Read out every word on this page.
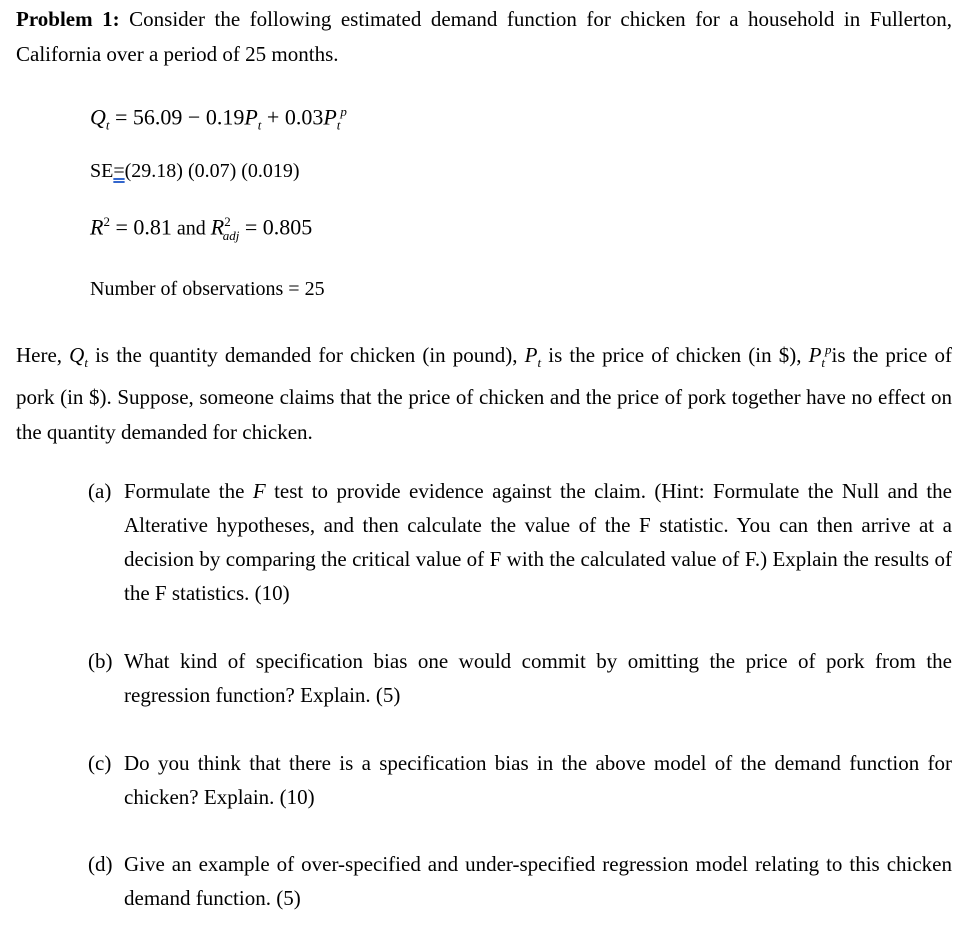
Problem 1: Consider the following estimated demand function for chicken for a household in Fullerton, California over a period of 25 months.
$Q_t = 56.09 - 0.19P_t + 0.03P_t^p$
SE=(29.18) (0.07) (0.019)
$R^2 = 0.81$ and $R^2_{adj} = 0.805$
Number of observations = 25
Here, $Q_t$ is the quantity demanded for chicken (in pound), $P_t$ is the price of chicken (in $), $P_t^pis$ the price of pork (in $). Suppose, someone claims that the price of chicken and the price of pork together have no effect on the quantity demanded for chicken.
(a) Formulate the F test to provide evidence against the claim. (Hint: Formulate the Null and the Alterative hypotheses, and then calculate the value of the F statistic. You can then arrive at a decision by comparing the critical value of F with the calculated value of F.) Explain the results of the F statistics. (10)
(b) What kind of specification bias one would commit by omitting the price of pork from the regression function? Explain. (5)
(c) Do you think that there is a specification bias in the above model of the demand function for chicken? Explain. (10)
(d) Give an example of over-specified and under-specified regression model relating to this chicken demand function. (5)
